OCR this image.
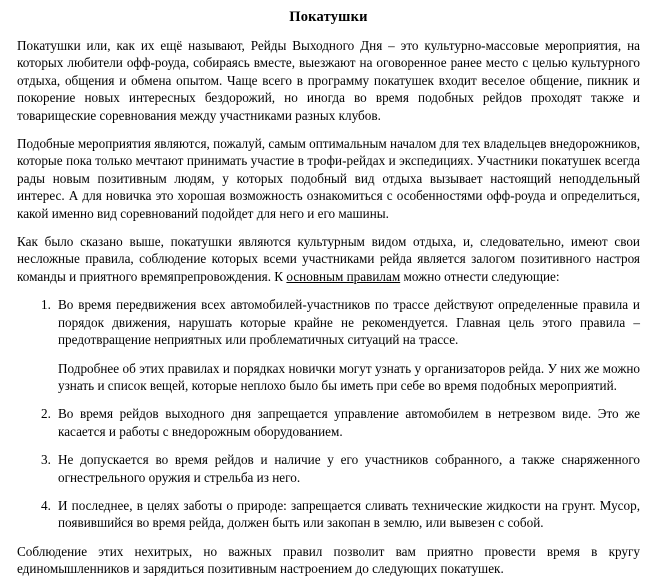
Покатушки

Покатушки или, как их ещё называют, Рейды Выходного Дня – это культурно-массовые мероприятия, на которых любители офф-роуда, собираясь вместе, выезжают на оговоренное ранее место с целью культурного отдыха, общения и обмена опытом. Чаще всего в программу покатушек входит веселое общение, пикник и покорение новых интересных бездорожий, но иногда во время подобных рейдов проходят также и товарищеские соревнования между участниками разных клубов.

Подобные мероприятия являются, пожалуй, самым оптимальным началом для тех владельцев внедорожников, которые пока только мечтают принимать участие в трофи-рейдах и экспедициях. Участники покатушек всегда рады новым позитивным людям, у которых подобный вид отдыха вызывает настоящий неподдельный интерес. А для новичка это хорошая возможность ознакомиться с особенностями офф-роуда и определиться, какой именно вид соревнований подойдет для него и его машины.

Как было сказано выше, покатушки являются культурным видом отдыха, и, следовательно, имеют свои несложные правила, соблюдение которых всеми участниками рейда является залогом позитивного настроя команды и приятного времяпрепровождения. К основным правилам можно отнести следующие:

Во время передвижения всех автомобилей-участников по трассе действуют определенные правила и порядок движения, нарушать которые крайне не рекомендуется. Главная цель этого правила – предотвращение неприятных или проблематичных ситуаций на трассе.
Подробнее об этих правилах и порядках новички могут узнать у организаторов рейда. У них же можно узнать и список вещей, которые неплохо было бы иметь при себе во время подобных мероприятий.
Во время рейдов выходного дня запрещается управление автомобилем в нетрезвом виде. Это же касается и работы с внедорожным оборудованием.
Не допускается во время рейдов и наличие у его участников собранного, а также снаряженного огнестрельного оружия и стрельба из него.
И последнее, в целях заботы о природе: запрещается сливать технические жидкости на грунт. Мусор, появившийся во время рейда, должен быть или закопан в землю, или вывезен с собой.

Соблюдение этих нехитрых, но важных правил позволит вам приятно провести время в кругу единомышленников и зарядиться позитивным настроением до следующих покатушек.
